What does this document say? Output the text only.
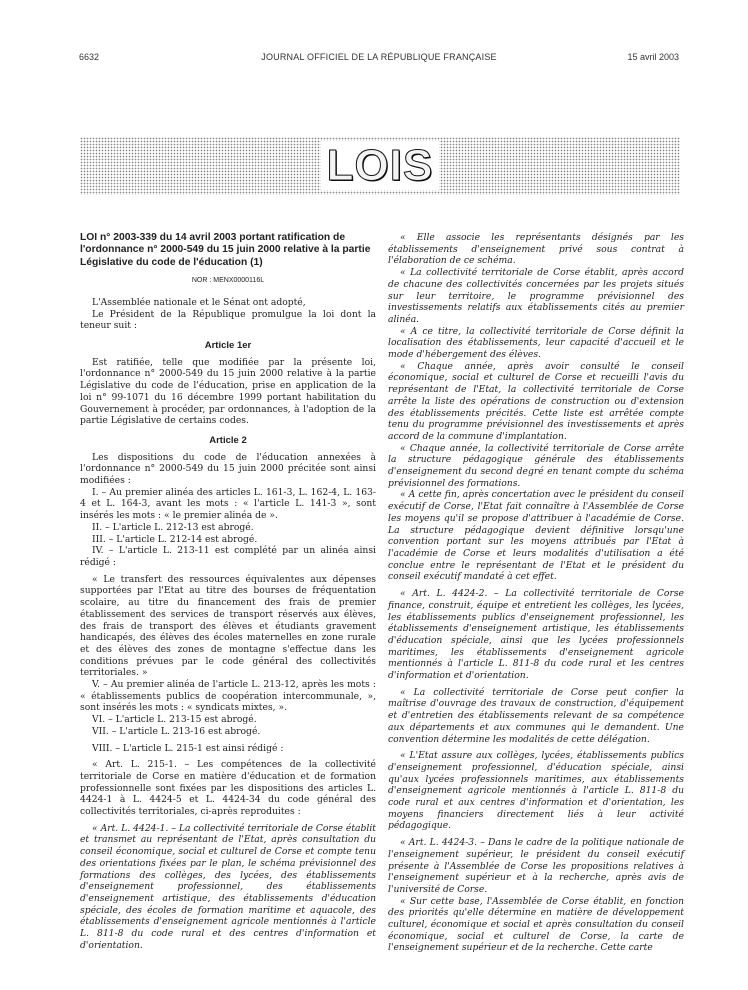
6632	JOURNAL OFFICIEL DE LA RÉPUBLIQUE FRANÇAISE	15 avril 2003
LOIS

LOI n° 2003-339 du 14 avril 2003 portant ratification de l'ordonnance n° 2000-549 du 15 juin 2000 relative à la partie Législative du code de l'éducation (1)

NOR : MENX0000116L

L'Assemblée nationale et le Sénat ont adopté,

Le Président de la République promulgue la loi dont la teneur suit :

Article 1er

Est ratifiée, telle que modifiée par la présente loi, l'ordonnance n° 2000-549 du 15 juin 2000 relative à la partie Législative du code de l'éducation, prise en application de la loi n° 99-1071 du 16 décembre 1999 portant habilitation du Gouvernement à procéder, par ordonnances, à l'adoption de la partie Législative de certains codes.

Article 2

Les dispositions du code de l'éducation annexées à l'ordonnance n° 2000-549 du 15 juin 2000 précitée sont ainsi modifiées :

I. – Au premier alinéa des articles L. 161-3, L. 162-4, L. 163-4 et L. 164-3, avant les mots : « l'article L. 141-3 », sont insérés les mots : « le premier alinéa de ».

II. – L'article L. 212-13 est abrogé.

III. – L'article L. 212-14 est abrogé.

IV. – L'article L. 213-11 est complété par un alinéa ainsi rédigé :

« Le transfert des ressources équivalentes aux dépenses supportées par l'Etat au titre des bourses de fréquentation scolaire, au titre du financement des frais de premier établissement des services de transport réservés aux élèves, des frais de transport des élèves et étudiants gravement handicapés, des élèves des écoles maternelles en zone rurale et des élèves des zones de montagne s'effectue dans les conditions prévues par le code général des collectivités territoriales. »

V. – Au premier alinéa de l'article L. 213-12, après les mots : « établissements publics de coopération intercommunale, », sont insérés les mots : « syndicats mixtes, ».

VI. – L'article L. 213-15 est abrogé.

VII. – L'article L. 213-16 est abrogé.

VIII. – L'article L. 215-1 est ainsi rédigé :

« Art. L. 215-1. – Les compétences de la collectivité territoriale de Corse en matière d'éducation et de formation professionnelle sont fixées par les dispositions des articles L. 4424-1 à L. 4424-5 et L. 4424-34 du code général des collectivités territoriales, ci-après reproduites :

« Art. L. 4424-1. – La collectivité territoriale de Corse établit et transmet au représentant de l'Etat, après consultation du conseil économique, social et culturel de Corse et compte tenu des orientations fixées par le plan, le schéma prévisionnel des formations des collèges, des lycées, des établissements d'enseignement professionnel, des établissements d'enseignement artistique, des établissements d'éducation spéciale, des écoles de formation maritime et aquacole, des établissements d'enseignement agricole mentionnés à l'article L. 811-8 du code rural et des centres d'information et d'orientation.

« Elle associe les représentants désignés par les établissements d'enseignement privé sous contrat à l'élaboration de ce schéma.

« La collectivité territoriale de Corse établit, après accord de chacune des collectivités concernées par les projets situés sur leur territoire, le programme prévisionnel des investissements relatifs aux établissements cités au premier alinéa.

« A ce titre, la collectivité territoriale de Corse définit la localisation des établissements, leur capacité d'accueil et le mode d'hébergement des élèves.

« Chaque année, après avoir consulté le conseil économique, social et culturel de Corse et recueilli l'avis du représentant de l'Etat, la collectivité territoriale de Corse arrête la liste des opérations de construction ou d'extension des établissements précités. Cette liste est arrêtée compte tenu du programme prévisionnel des investissements et après accord de la commune d'implantation.

« Chaque année, la collectivité territoriale de Corse arrête la structure pédagogique générale des établissements d'enseignement du second degré en tenant compte du schéma prévisionnel des formations.

« A cette fin, après concertation avec le président du conseil exécutif de Corse, l'Etat fait connaître à l'Assemblée de Corse les moyens qu'il se propose d'attribuer à l'académie de Corse. La structure pédagogique devient définitive lorsqu'une convention portant sur les moyens attribués par l'Etat à l'académie de Corse et leurs modalités d'utilisation a été conclue entre le représentant de l'Etat et le président du conseil exécutif mandaté à cet effet.

« Art. L. 4424-2. – La collectivité territoriale de Corse finance, construit, équipe et entretient les collèges, les lycées, les établissements publics d'enseignement professionnel, les établissements d'enseignement artistique, les établissements d'éducation spéciale, ainsi que les lycées professionnels maritimes, les établissements d'enseignement agricole mentionnés à l'article L. 811-8 du code rural et les centres d'information et d'orientation.

« La collectivité territoriale de Corse peut confier la maîtrise d'ouvrage des travaux de construction, d'équipement et d'entretien des établissements relevant de sa compétence aux départements et aux communes qui le demandent. Une convention détermine les modalités de cette délégation.

« L'Etat assure aux collèges, lycées, établissements publics d'enseignement professionnel, d'éducation spéciale, ainsi qu'aux lycées professionnels maritimes, aux établissements d'enseignement agricole mentionnés à l'article L. 811-8 du code rural et aux centres d'information et d'orientation, les moyens financiers directement liés à leur activité pédagogique.

« Art. L. 4424-3. – Dans le cadre de la politique nationale de l'enseignement supérieur, le président du conseil exécutif présente à l'Assemblée de Corse les propositions relatives à l'enseignement supérieur et à la recherche, après avis de l'université de Corse.

« Sur cette base, l'Assemblée de Corse établit, en fonction des priorités qu'elle détermine en matière de développement culturel, économique et social et après consultation du conseil économique, social et culturel de Corse, la carte de l'enseignement supérieur et de la recherche. Cette carte
